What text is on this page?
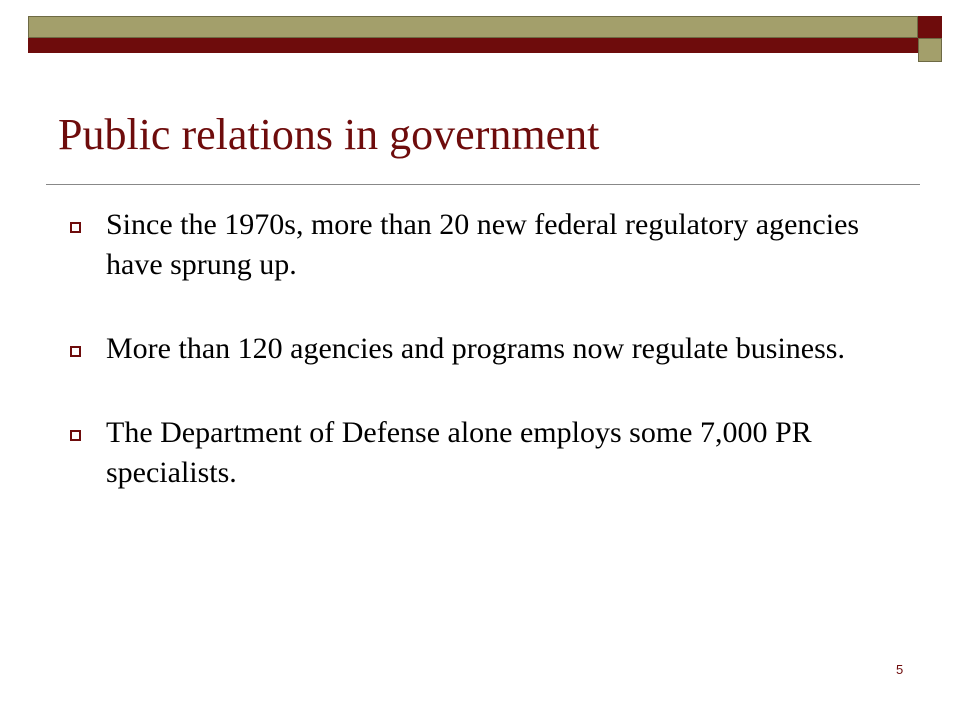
Public relations in government
Since the 1970s, more than 20 new federal regulatory agencies have sprung up.
More than 120 agencies and programs now regulate business.
The Department of Defense alone employs some 7,000 PR specialists.
5
